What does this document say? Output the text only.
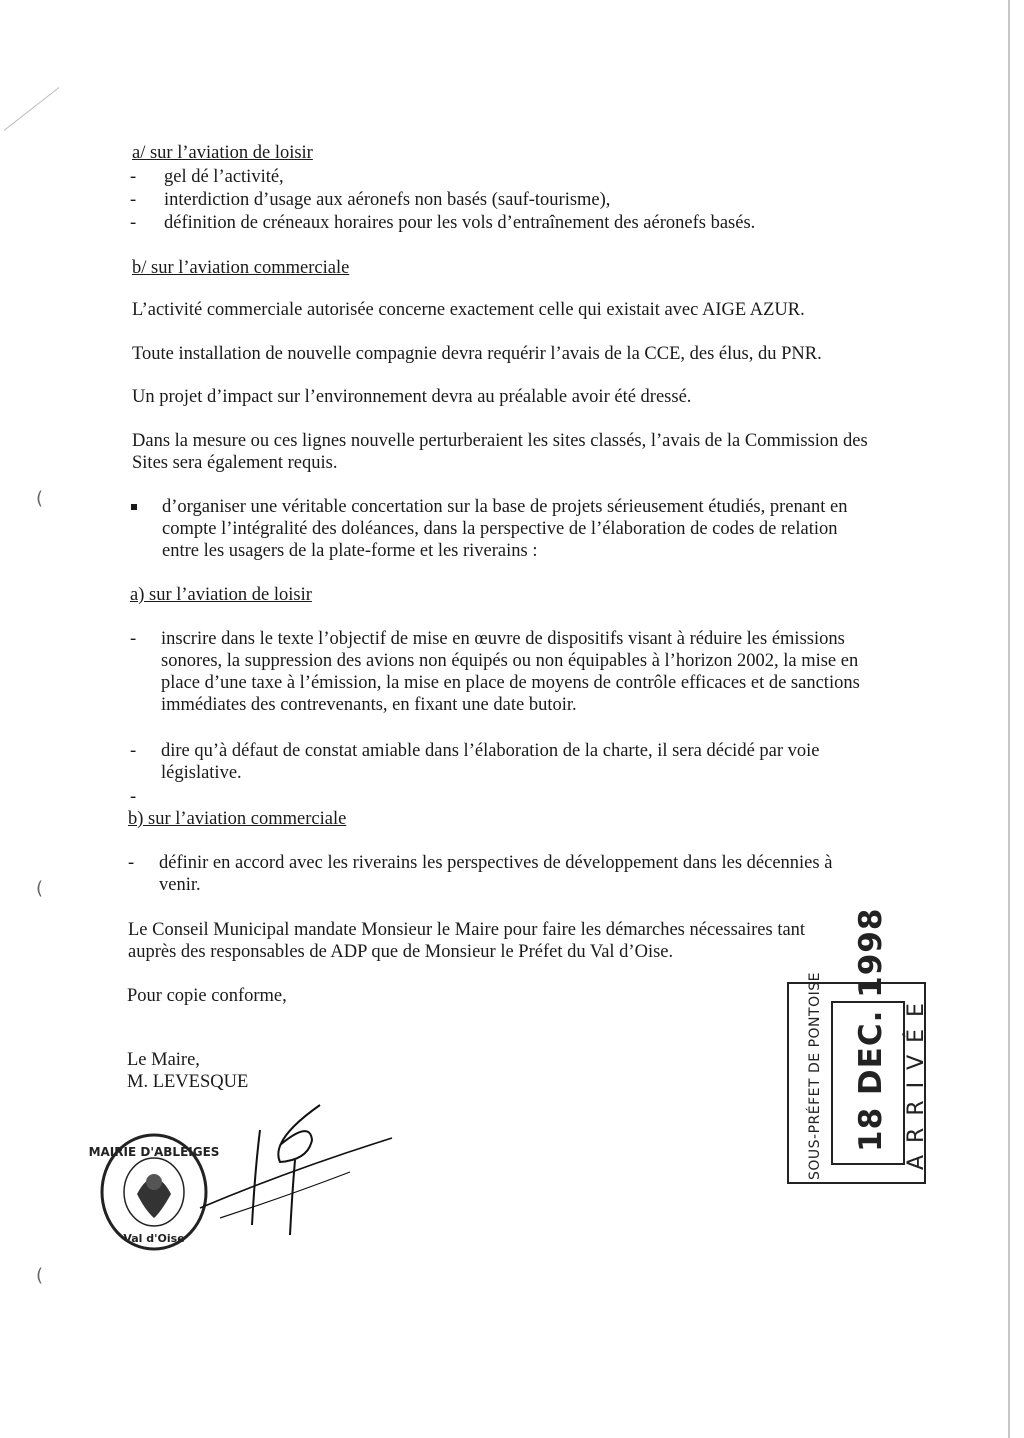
(
(
(
a/ sur l’aviation de loisir
- gel dé l’activité,
- interdiction d’usage aux aéronefs non basés (sauf-tourisme),
- définition de créneaux horaires pour les vols d’entraînement des aéronefs basés.
b/ sur l’aviation commerciale
L’activité commerciale autorisée concerne exactement celle qui existait avec AIGE AZUR.
Toute installation de nouvelle compagnie devra requérir l’avais de la CCE, des élus, du PNR.
Un projet d’impact sur l’environnement devra au préalable avoir été dressé.
Dans la mesure ou ces lignes nouvelle perturberaient les sites classés, l’avais de la Commission des
Sites sera également requis.
d’organiser une véritable concertation sur la base de projets sérieusement étudiés, prenant en
compte l’intégralité des doléances, dans la perspective de l’élaboration de codes de relation
entre les usagers de la plate-forme et les riverains :
a) sur l’aviation de loisir
- inscrire dans le texte l’objectif de mise en œuvre de dispositifs visant à réduire les émissions
sonores, la suppression des avions non équipés ou non équipables à l’horizon 2002, la mise en
place d’une taxe à l’émission, la mise en place de moyens de contrôle efficaces et de sanctions
immédiates des contrevenants, en fixant une date butoir.
- dire qu’à défaut de constat amiable dans l’élaboration de la charte, il sera décidé par voie
législative.
-
b) sur l’aviation commerciale
- définir en accord avec les riverains les perspectives de développement dans les décennies à
venir.
Le Conseil Municipal mandate Monsieur le Maire pour faire les démarches nécessaires tant
auprès des responsables de ADP que de Monsieur le Préfet du Val d’Oise.
Pour copie conforme,
Le Maire,
M. LEVESQUE
MAIRIE D'ABLEIGES
Val d'Oise
SOUS-PRÉFET DE PONTOISE 18 DEC. 1998 ARRIVÉE
